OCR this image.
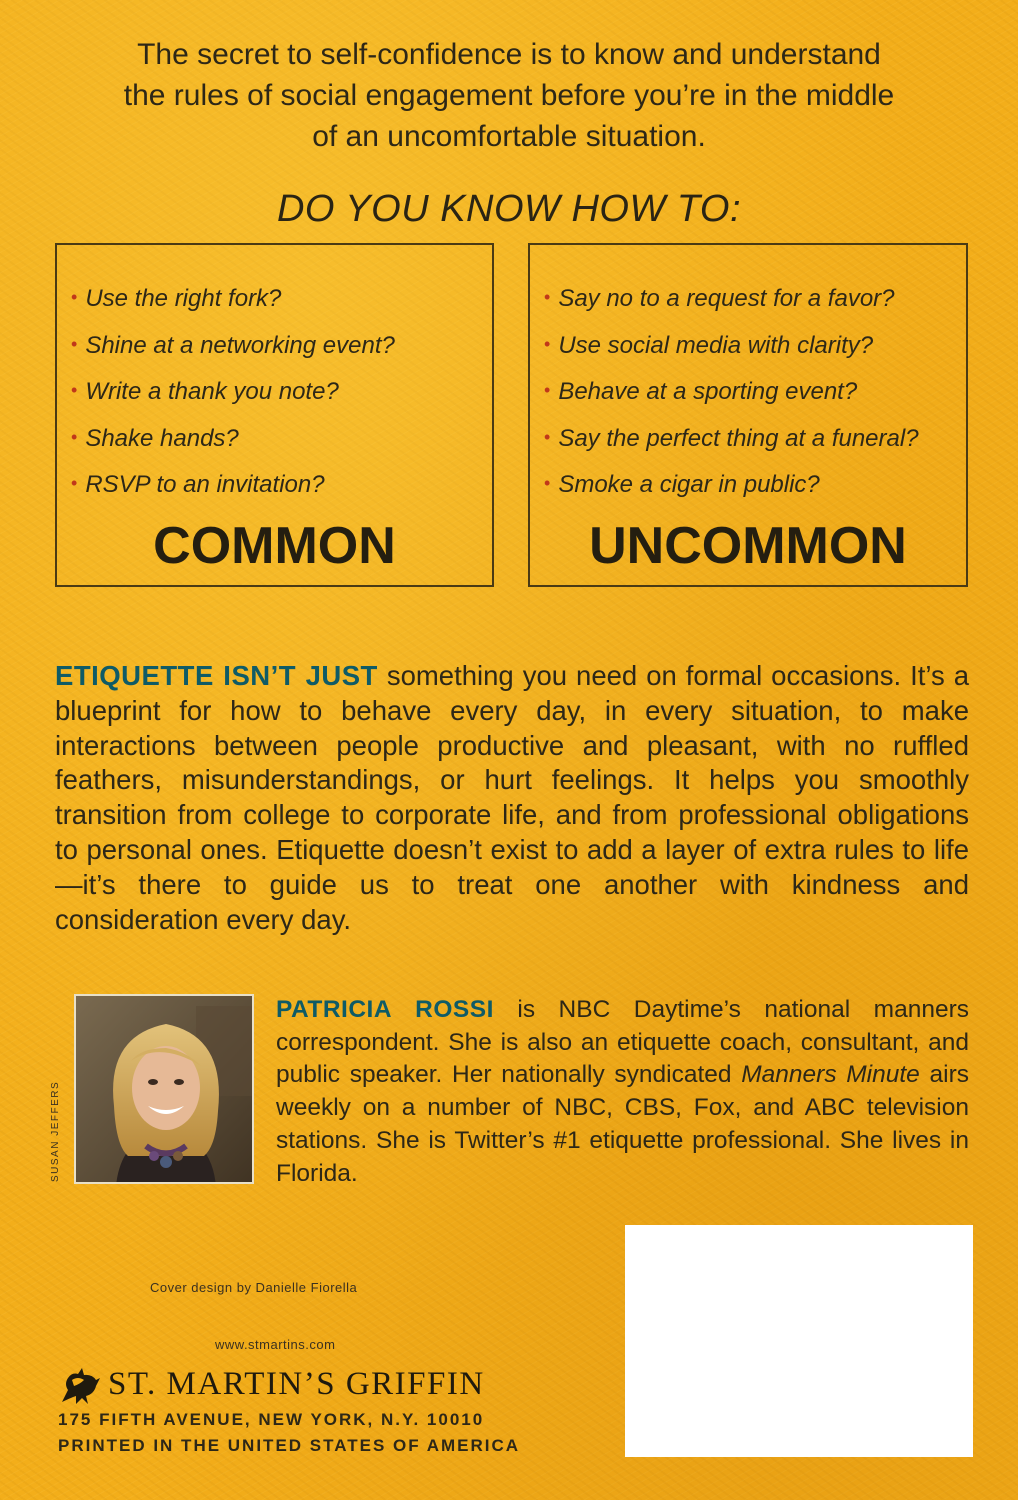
The secret to self-confidence is to know and understand
the rules of social engagement before you’re in the middle
of an uncomfortable situation.
DO YOU KNOW HOW TO:
• Use the right fork?
• Shine at a networking event?
• Write a thank you note?
• Shake hands?
• RSVP to an invitation?
COMMON
• Say no to a request for a favor?
• Use social media with clarity?
• Behave at a sporting event?
• Say the perfect thing at a funeral?
• Smoke a cigar in public?
UNCOMMON

ETIQUETTE ISN’T JUST something you need on formal occasions. It’s a blueprint for how to behave every day, in every situation, to make interactions between people productive and pleasant, with no ruffled feathers, misunderstandings, or hurt feelings. It helps you smoothly transition from college to corporate life, and from professional obligations to personal ones. Etiquette doesn’t exist to add a layer of extra rules to life—it’s there to guide us to treat one another with kindness and consideration every day.

SUSAN JEFFERS

PATRICIA ROSSI is NBC Daytime’s national manners correspondent. She is also an etiquette coach, consultant, and public speaker. Her nationally syndicated Manners Minute airs weekly on a number of NBC, CBS, Fox, and ABC television stations. She is Twitter’s #1 etiquette professional. She lives in Florida.

Cover design by Danielle Fiorella
www.stmartins.com
ST. MARTIN’S GRIFFIN
175 FIFTH AVENUE, NEW YORK, N.Y. 10010
PRINTED IN THE UNITED STATES OF AMERICA
